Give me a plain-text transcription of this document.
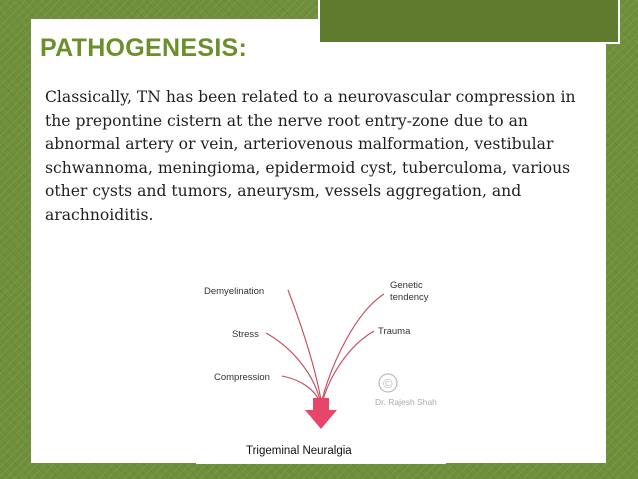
PATHOGENESIS:

Classically, TN has been related to a neurovascular compression in the prepontine cistern at the nerve root entry-zone due to an abnormal artery or vein, arteriovenous malformation, vestibular schwannoma, meningioma, epidermoid cyst, tuberculoma, various other cysts and tumors, aneurysm, vessels aggregation, and arachnoiditis.

Demyelination
Stress
Compression
Genetic
tendency
Trauma
©
Dr. Rajesh Shah
Trigeminal Neuralgia
